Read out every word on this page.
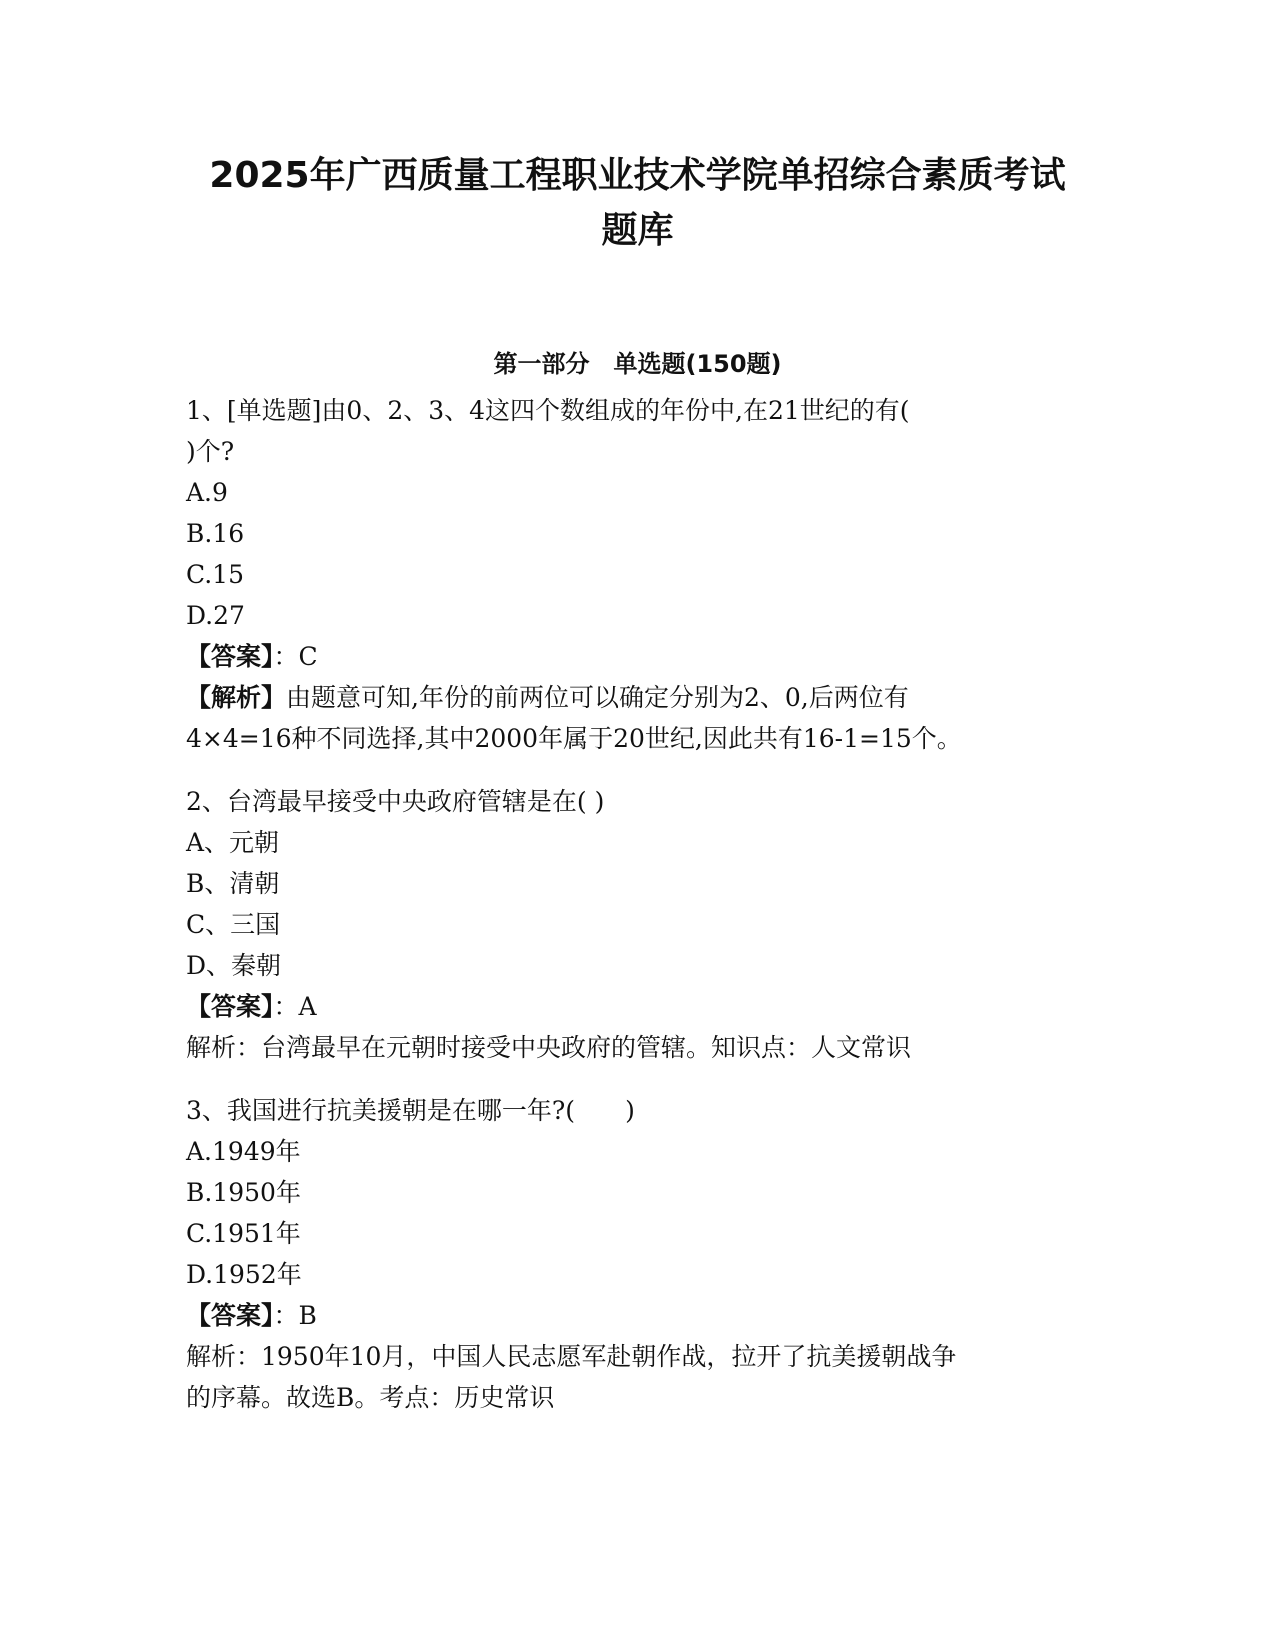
2025年广西质量工程职业技术学院单招综合素质考试
题库
第一部分　单选题(150题)
1、[单选题]由0、2、3、4这四个数组成的年份中,在21世纪的有(
)个?
A.9
B.16
C.15
D.27
【答案】：C
【解析】由题意可知,年份的前两位可以确定分别为2、0,后两位有
4×4=16种不同选择,其中2000年属于20世纪,因此共有16-1=15个。
2、台湾最早接受中央政府管辖是在( )
A、元朝
B、清朝
C、三国
D、秦朝
【答案】：A
解析：台湾最早在元朝时接受中央政府的管辖。知识点：人文常识
3、我国进行抗美援朝是在哪一年?(　　)
A.1949年
B.1950年
C.1951年
D.1952年
【答案】：B
解析：1950年10月，中国人民志愿军赴朝作战，拉开了抗美援朝战争
的序幕。故选B。考点：历史常识
